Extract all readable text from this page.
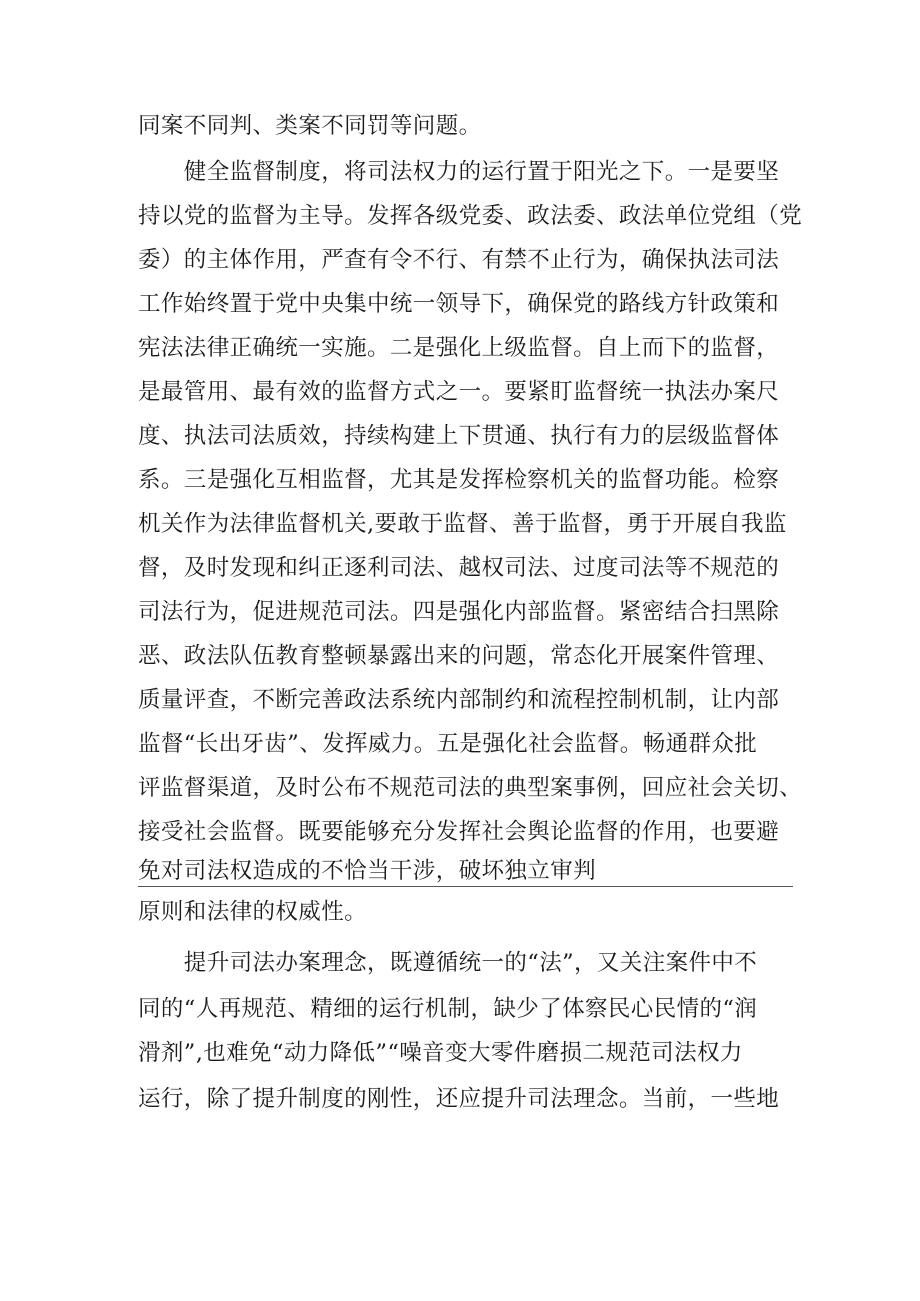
同案不同判、类案不同罚等问题。
　　健全监督制度，将司法权力的运行置于阳光之下。一是要坚
持以党的监督为主导。发挥各级党委、政法委、政法单位党组（党
委）的主体作用，严查有令不行、有禁不止行为，确保执法司法
工作始终置于党中央集中统一领导下，确保党的路线方针政策和
宪法法律正确统一实施。二是强化上级监督。自上而下的监督，
是最管用、最有效的监督方式之一。要紧盯监督统一执法办案尺
度、执法司法质效，持续构建上下贯通、执行有力的层级监督体
系。三是强化互相监督，尤其是发挥检察机关的监督功能。检察
机关作为法律监督机关,要敢于监督、善于监督，勇于开展自我监
督，及时发现和纠正逐利司法、越权司法、过度司法等不规范的
司法行为，促进规范司法。四是强化内部监督。紧密结合扫黑除
恶、政法队伍教育整顿暴露出来的问题，常态化开展案件管理、
质量评查，不断完善政法系统内部制约和流程控制机制，让内部
监督“长出牙齿”、发挥威力。五是强化社会监督。畅通群众批
评监督渠道，及时公布不规范司法的典型案事例，回应社会关切、
接受社会监督。既要能够充分发挥社会舆论监督的作用，也要避
免对司法权造成的不恰当干涉，破坏独立审判
原则和法律的权威性。
　　提升司法办案理念，既遵循统一的“法”，又关注案件中不
同的“人再规范、精细的运行机制，缺少了体察民心民情的“润
滑剂”,也难免“动力降低”“噪音变大零件磨损二规范司法权力
运行，除了提升制度的刚性，还应提升司法理念。当前，一些地
